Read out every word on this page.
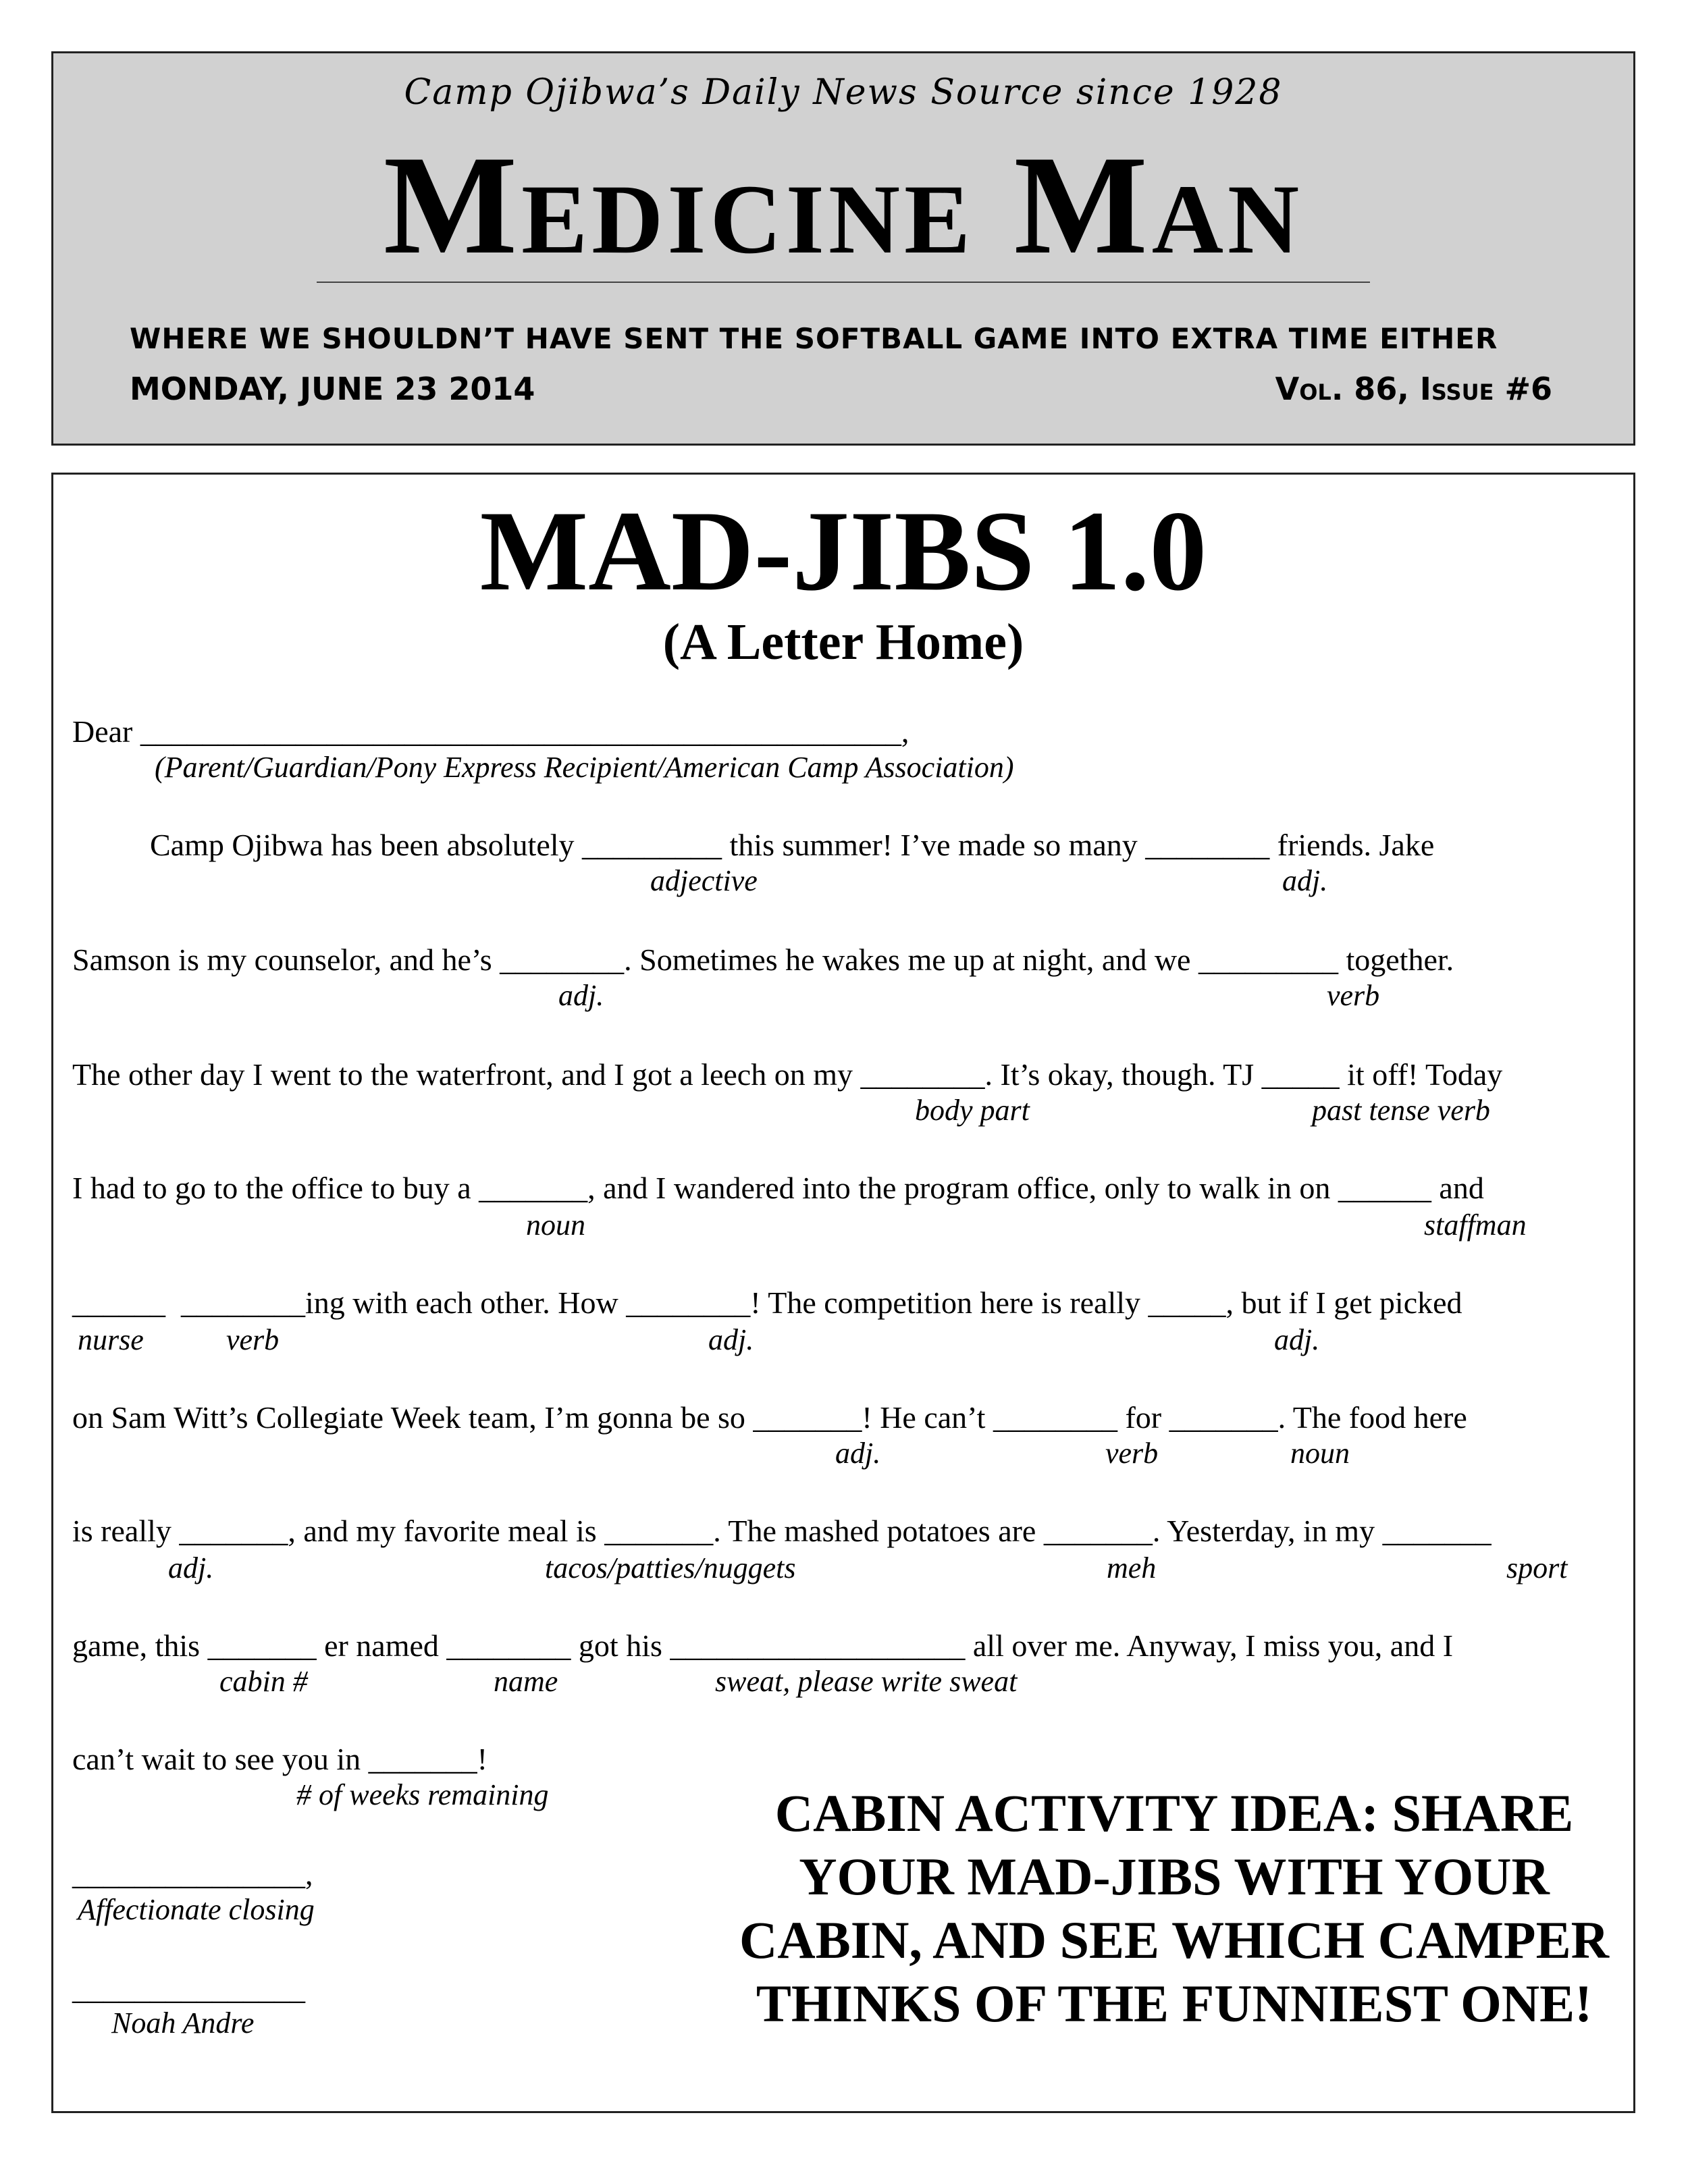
Camp Ojibwa’s Daily News Source since 1928
Medicine Man
WHERE WE SHOULDN’T HAVE SENT THE SOFTBALL GAME INTO EXTRA TIME EITHER
MONDAY, JUNE 23 2014	Vol. 86, Issue #6
MAD-JIBS 1.0
(A Letter Home)
Dear _________________________________________________,
(Parent/Guardian/Pony Express Recipient/American Camp Association)
Camp Ojibwa has been absolutely _________ this summer! I’ve made so many ________ friends. Jake
adjective	adj.
Samson is my counselor, and he’s ________. Sometimes he wakes me up at night, and we _________ together.
adj.	verb
The other day I went to the waterfront, and I got a leech on my ________. It’s okay, though. TJ _____ it off! Today
body part	past tense verb
I had to go to the office to buy a _______, and I wandered into the program office, only to walk in on ______ and
noun	staffman
______  ________ing with each other. How ________! The competition here is really _____, but if I get picked
nurse	verb	adj.	adj.
on Sam Witt’s Collegiate Week team, I’m gonna be so _______! He can’t ________ for _______. The food here
adj.	verb	noun
is really _______, and my favorite meal is _______. The mashed potatoes are _______. Yesterday, in my _______
adj.	tacos/patties/nuggets	meh	sport
game, this _______ er named ________ got his ___________________ all over me. Anyway, I miss you, and I
cabin #	name	sweat, please write sweat
can’t wait to see you in _______!
# of weeks remaining
_______________,
Affectionate closing
_______________
Noah Andre
CABIN ACTIVITY IDEA: SHARE YOUR MAD-JIBS WITH YOUR CABIN, AND SEE WHICH CAMPER THINKS OF THE FUNNIEST ONE!
